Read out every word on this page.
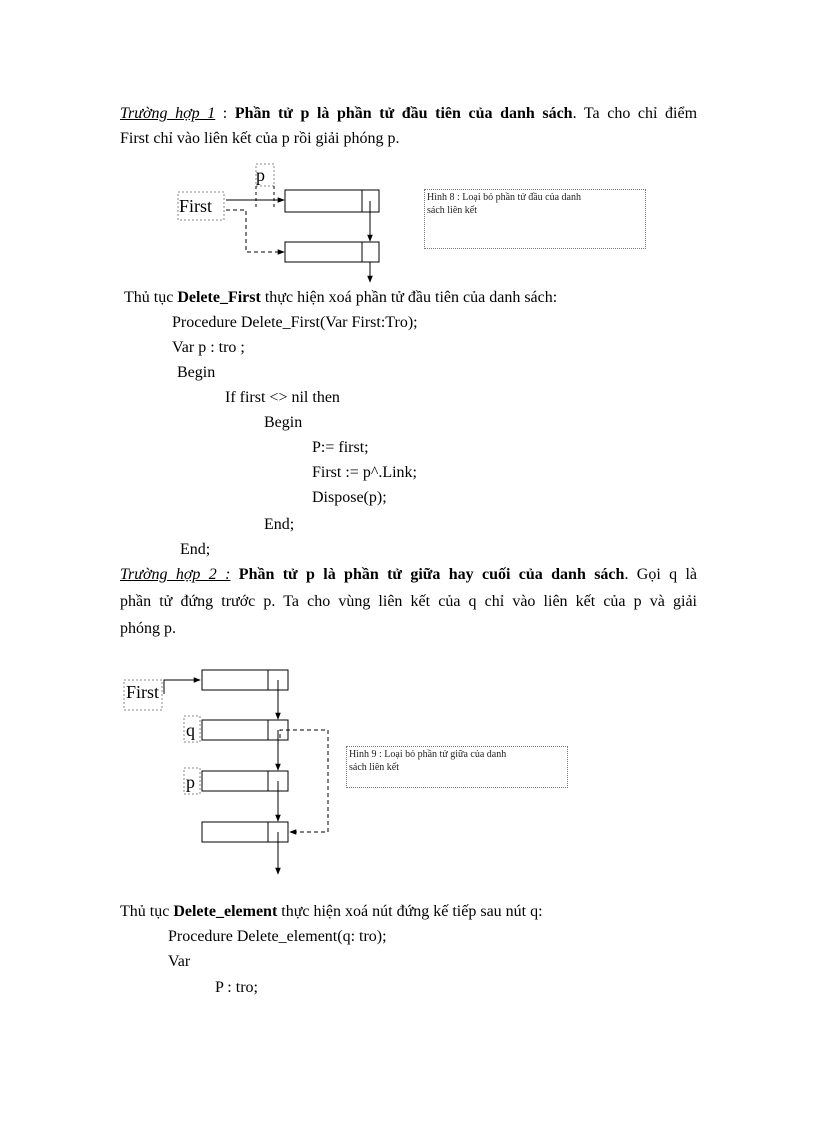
Trường hợp 1 : Phần tử p là phần tử đầu tiên của danh sách. Ta cho chỉ điểm
First chỉ vào liên kết của p rồi giải phóng p.
p
First	Hình 8 : Loại bỏ phần tử đầu của danh
sách liên kết
Thủ tục Delete_First thực hiện xoá phần tử đầu tiên của danh sách:
Procedure Delete_First(Var First:Tro);
Var p : tro ;
Begin
If first <> nil then
Begin
P:= first;
First := p^.Link;
Dispose(p);
End;
End;
Trường hợp 2 : Phần tử p là phần tử giữa hay cuối của danh sách. Gọi q là
phần tử đứng trước p. Ta cho vùng liên kết của q chỉ vào liên kết của p và giải
phóng p.
First
q
p
Hình 9 : Loại bỏ phần tử giữa của danh
sách liên kết
Thủ tục Delete_element thực hiện xoá nút đứng kế tiếp sau nút q:
Procedure Delete_element(q: tro);
Var
P : tro;
